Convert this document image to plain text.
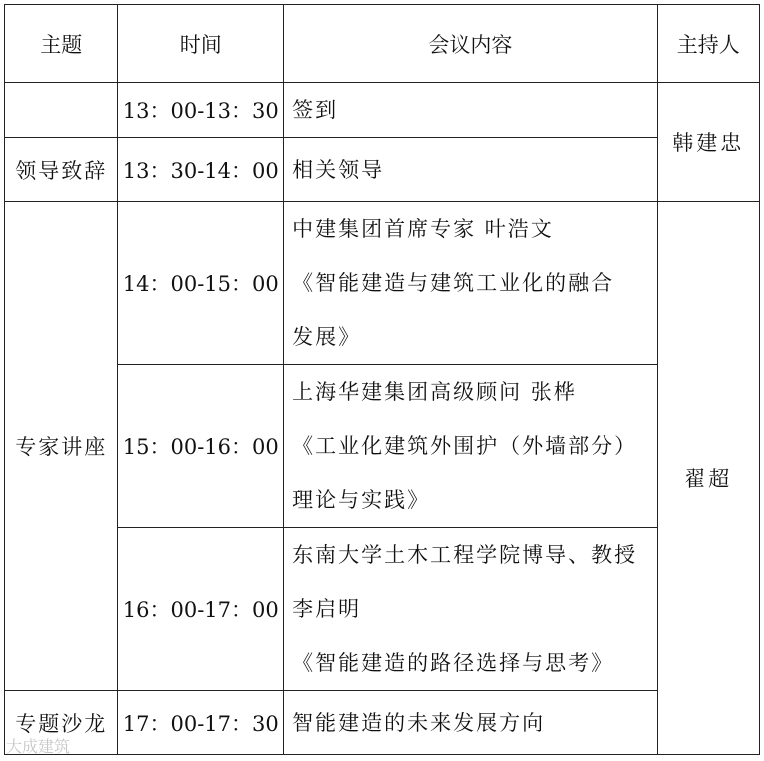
主题	时间	会议内容	主持人
	13：00-13：30	签到	韩建忠
领导致辞	13：30-14：00	相关领导	

专家讲座	14：00-15：00	中建集团首席专家 叶浩文
《智能建造与建筑工业化的融合
发展》	翟超
	15：00-16：00	上海华建集团高级顾问 张桦
《工业化建筑外围护（外墙部分）
理论与实践》	

	16：00-17：00	东南大学土木工程学院博导、教授
李启明
《智能建造的路径选择与思考》	

专题沙龙	17：00-17：30	智能建造的未来发展方向	
大成建筑
